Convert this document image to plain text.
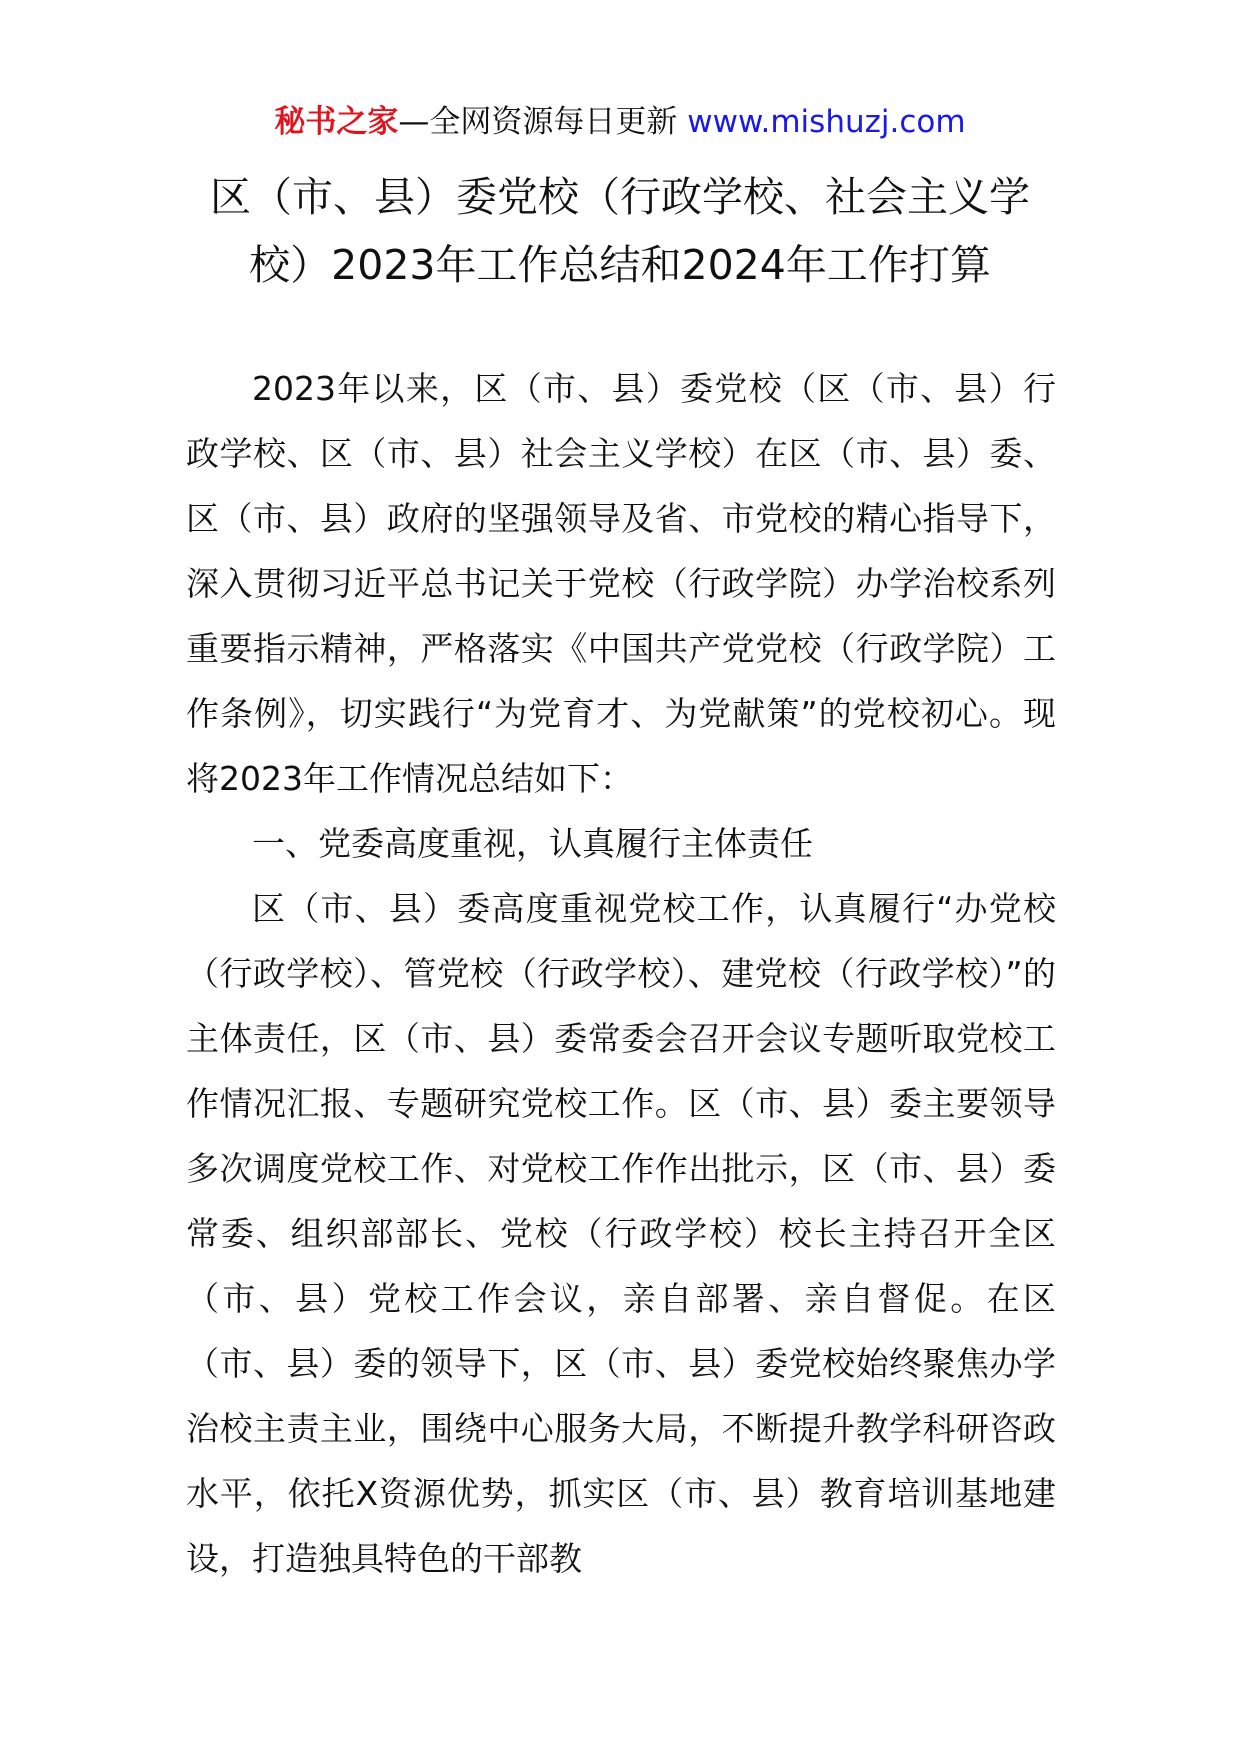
秘书之家—全网资源每日更新 www.mishuzj.com
区（市、县）委党校（行政学校、社会主义学校）2023年工作总结和2024年工作打算

2023年以来，区（市、县）委党校（区（市、县）行政学校、区（市、县）社会主义学校）在区（市、县）委、区（市、县）政府的坚强领导及省、市党校的精心指导下，深入贯彻习近平总书记关于党校（行政学院）办学治校系列重要指示精神，严格落实《中国共产党党校（行政学院）工作条例》，切实践行“为党育才、为党献策”的党校初心。现将2023年工作情况总结如下：

一、党委高度重视，认真履行主体责任

区（市、县）委高度重视党校工作，认真履行“办党校（行政学校）、管党校（行政学校）、建党校（行政学校）”的主体责任，区（市、县）委常委会召开会议专题听取党校工作情况汇报、专题研究党校工作。区（市、县）委主要领导多次调度党校工作、对党校工作作出批示，区（市、县）委常委、组织部部长、党校（行政学校）校长主持召开全区（市、县）党校工作会议，亲自部署、亲自督促。在区（市、县）委的领导下，区（市、县）委党校始终聚焦办学治校主责主业，围绕中心服务大局，不断提升教学科研咨政水平，依托X资源优势，抓实区（市、县）教育培训基地建设，打造独具特色的干部教
